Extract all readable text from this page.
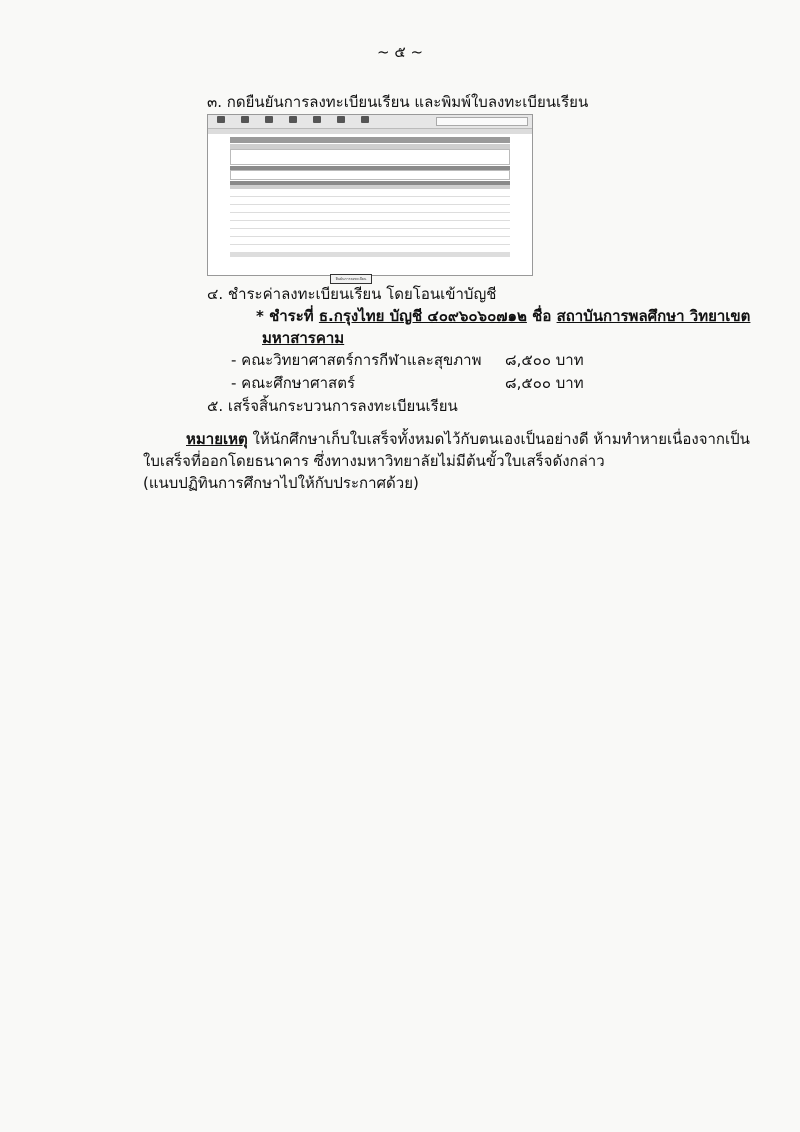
~ ๕ ~
๓. กดยืนยันการลงทะเบียนเรียน และพิมพ์ใบลงทะเบียนเรียน

ยืนยันการลงทะเบียน
๔. ชำระค่าลงทะเบียนเรียน โดยโอนเข้าบัญชี
* ชำระที่ ธ.กรุงไทย บัญชี ๔๐๙๖๐๖๐๗๑๒ ชื่อ สถาบันการพลศึกษา วิทยาเขต
มหาสารคาม
- คณะวิทยาศาสตร์การกีฬาและสุขภาพ ๘,๕๐๐ บาท
- คณะศึกษาศาสตร์	๘,๕๐๐ บาท
๕. เสร็จสิ้นกระบวนการลงทะเบียนเรียน
หมายเหตุ ให้นักศึกษาเก็บใบเสร็จทั้งหมดไว้กับตนเองเป็นอย่างดี ห้ามทำหายเนื่องจากเป็น
ใบเสร็จที่ออกโดยธนาคาร ซึ่งทางมหาวิทยาลัยไม่มีต้นขั้วใบเสร็จดังกล่าว
(แนบปฏิทินการศึกษาไปให้กับประกาศด้วย)
